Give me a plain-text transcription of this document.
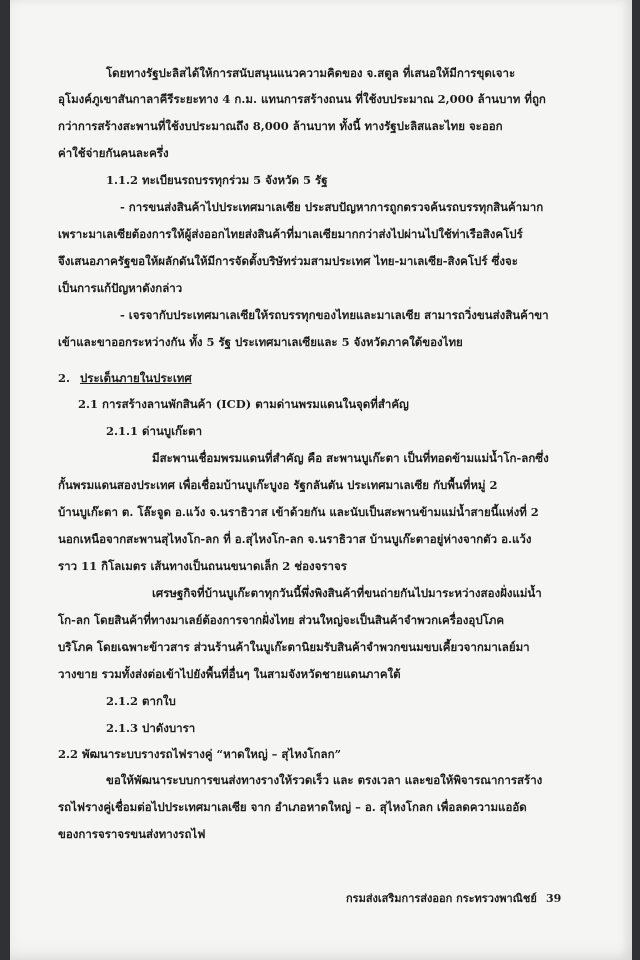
โดยทางรัฐปะลิสได้ให้การสนับสนุนแนวความคิดของ จ.สตูล ที่เสนอให้มีการขุดเจาะ
อุโมงค์ภูเขาสันกาลาคีรีระยะทาง 4 ก.ม. แทนการสร้างถนน ที่ใช้งบประมาณ 2,000 ล้านบาท ที่ถูก
กว่าการสร้างสะพานที่ใช้งบประมาณถึง 8,000 ล้านบาท ทั้งนี้ ทางรัฐปะลิสและไทย จะออก
ค่าใช้จ่ายกันคนละครึ่ง
1.1.2 ทะเบียนรถบรรทุกร่วม 5 จังหวัด 5 รัฐ
- การขนส่งสินค้าไปประเทศมาเลเซีย ประสบปัญหาการถูกตรวจค้นรถบรรทุกสินค้ามาก
เพราะมาเลเซียต้องการให้ผู้ส่งออกไทยส่งสินค้าที่มาเลเซียมากกว่าส่งไปผ่านไปใช้ท่าเรือสิงคโปร์
จึงเสนอภาครัฐขอให้ผลักดันให้มีการจัดตั้งบริษัทร่วมสามประเทศ ไทย-มาเลเซีย-สิงคโปร์ ซึ่งจะ
เป็นการแก้ปัญหาดังกล่าว
- เจรจากับประเทศมาเลเซียให้รถบรรทุกของไทยและมาเลเซีย สามารถวิ่งขนส่งสินค้าขา
เข้าและขาออกระหว่างกัน ทั้ง 5 รัฐ ประเทศมาเลเซียและ 5 จังหวัดภาคใต้ของไทย
2. ประเด็นภายในประเทศ
2.1 การสร้างลานพักสินค้า (ICD) ตามด่านพรมแดนในจุดที่สำคัญ
2.1.1 ด่านบูเก๊ะตา
มีสะพานเชื่อมพรมแดนที่สำคัญ คือ สะพานบูเก๊ะตา เป็นที่ทอดข้ามแม่น้ำโก-ลกซึ่ง
กั้นพรมแดนสองประเทศ เพื่อเชื่อมบ้านบูเก๊ะบูงอ รัฐกลันตัน ประเทศมาเลเซีย กับพื้นที่หมู่ 2
บ้านบูเก๊ะตา ต. โล๊ะจูด อ.แว้ง จ.นราธิวาส เข้าด้วยกัน และนับเป็นสะพานข้ามแม่น้ำสายนี้แห่งที่ 2
นอกเหนือจากสะพานสุไหงโก-ลก ที่ อ.สุไหงโก-ลก จ.นราธิวาส บ้านบูเก๊ะตาอยู่ห่างจากตัว อ.แว้ง
ราว 11 กิโลเมตร เส้นทางเป็นถนนขนาดเล็ก 2 ช่องจราจร
เศรษฐกิจที่บ้านบูเก๊ะตาทุกวันนี้พึ่งพิงสินค้าที่ขนถ่ายกันไปมาระหว่างสองฝั่งแม่น้ำ
โก-ลก โดยสินค้าที่ทางมาเลย์ต้องการจากฝั่งไทย ส่วนใหญ่จะเป็นสินค้าจำพวกเครื่องอุปโภค
บริโภค โดยเฉพาะข้าวสาร ส่วนร้านค้าในบูเก๊ะตานิยมรับสินค้าจำพวกขนมขบเคี้ยวจากมาเลย์มา
วางขาย รวมทั้งส่งต่อเข้าไปยังพื้นที่อื่นๆ ในสามจังหวัดชายแดนภาคใต้
2.1.2 ตากใบ
2.1.3 ปาดังบารา
2.2 พัฒนาระบบรางรถไฟรางคู่ “หาดใหญ่ – สุไหงโกลก”
ขอให้พัฒนาระบบการขนส่งทางรางให้รวดเร็ว และ ตรงเวลา และขอให้พิจารณาการสร้าง
รถไฟรางคู่เชื่อมต่อไปประเทศมาเลเซีย จาก อำเภอหาดใหญ่ – อ. สุไหงโกลก เพื่อลดความแออัด
ของการจราจรขนส่งทางรถไฟ
กรมส่งเสริมการส่งออก กระทรวงพาณิชย์ 39
